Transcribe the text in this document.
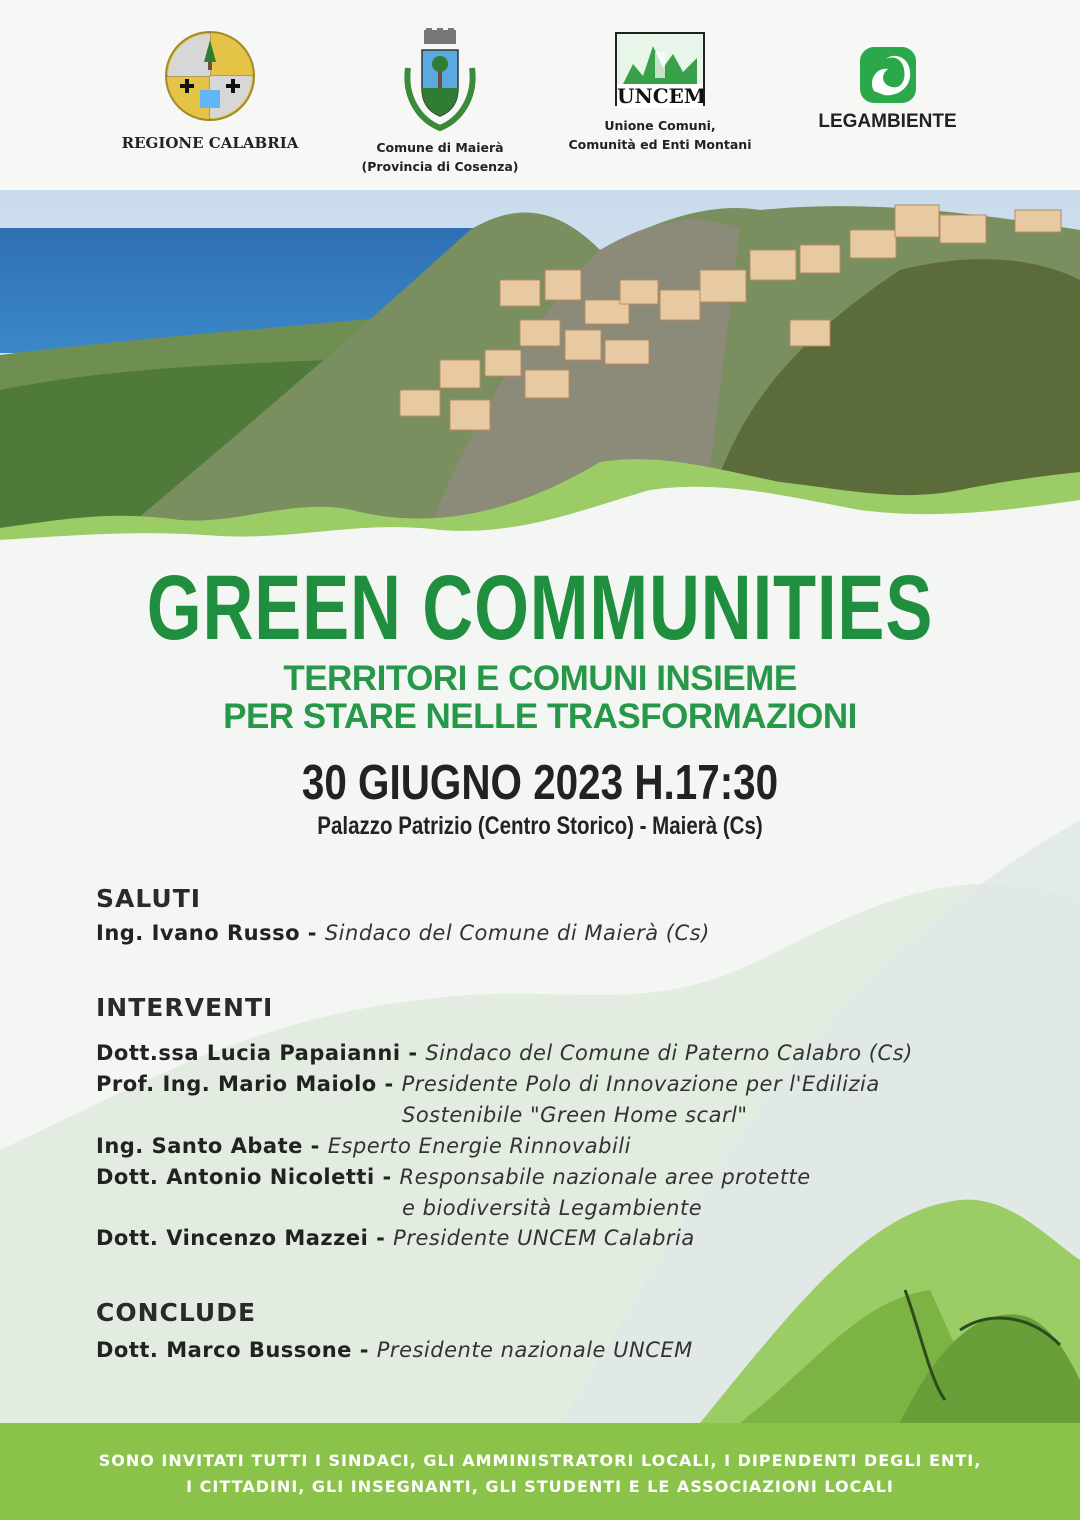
REGIONE CALABRIA	Comune di Maierà
(Provincia di Cosenza)
UNCEM
Unione Comuni,
Comunità ed Enti Montani
LEGAMBIENTE
GREEN COMMUNITIES
TERRITORI E COMUNI INSIEME
PER STARE NELLE TRASFORMAZIONI
30 GIUGNO 2023 H.17:30
Palazzo Patrizio (Centro Storico) - Maierà (Cs)
SALUTI
Ing. Ivano Russo - Sindaco del Comune di Maierà (Cs)
INTERVENTI
Dott.ssa Lucia Papaianni - Sindaco del Comune di Paterno Calabro (Cs)
Prof. Ing. Mario Maiolo - Presidente Polo di Innovazione per l'Edilizia
Sostenibile "Green Home scarl"
Ing. Santo Abate - Esperto Energie Rinnovabili
Dott. Antonio Nicoletti - Responsabile nazionale aree protette
e biodiversità Legambiente
Dott. Vincenzo Mazzei - Presidente UNCEM Calabria
CONCLUDE
Dott. Marco Bussone - Presidente nazionale UNCEM

SONO INVITATI TUTTI I SINDACI, GLI AMMINISTRATORI LOCALI, I DIPENDENTI DEGLI ENTI,

I CITTADINI, GLI INSEGNANTI, GLI STUDENTI E LE ASSOCIAZIONI LOCALI
